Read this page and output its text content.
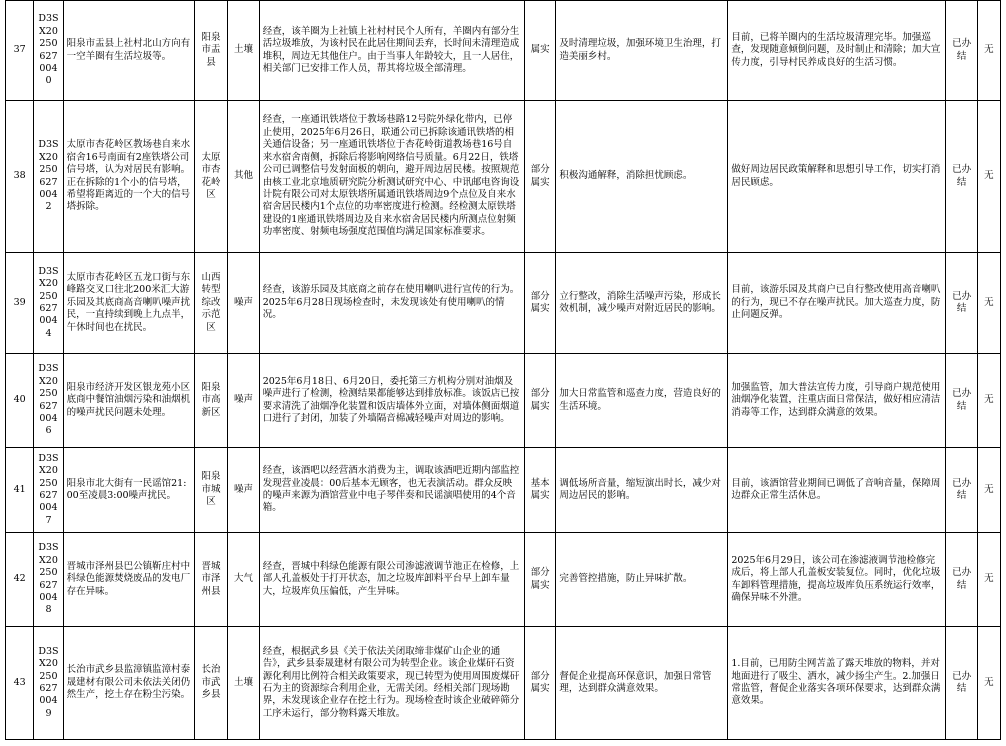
37	D3SX202506270040	阳泉市盂县上社村北山方向有一空羊圈有生活垃圾等。	阳泉市盂县	土壤	经查，该羊圈为上社镇上社村村民个人所有，羊圈内有部分生活垃圾堆放，为该村民在此居住期间丢弃，长时间未清理造成堆积，周边无其他住户。由于当事人年龄较大，且一人居住，相关部门已安排工作人员，帮其将垃圾全部清理。	属实	及时清理垃圾，加强环境卫生治理，打造美丽乡村。	目前，已将羊圈内的生活垃圾清理完毕。加强巡查，发现随意倾倒问题，及时制止和清除；加大宣传力度，引导村民养成良好的生活习惯。	已办结	无
38	D3SX202506270042	太原市杏花岭区教场巷自来水宿舍16号南面有2座铁塔公司信号塔，认为对居民有影响。正在拆除的1个小的信号塔，希望将距离近的一个大的信号塔拆除。	太原市杏花岭区	其他	经查，一座通讯铁塔位于教场巷路12号院外绿化带内，已停止使用，2025年6月26日，联通公司已拆除该通讯铁塔的相关通信设备；另一座通讯铁塔位于杏花岭街道教场巷16号自来水宿舍南侧，拆除后将影响网络信号质量。6月22日，铁塔公司已调整信号发射面板的朝向，避开周边居民楼。按照规范由核工业北京地质研究院分析测试研究中心、中讯邮电咨询设计院有限公司对太原铁塔所属通讯铁塔周边9个点位及自来水宿舍居民楼内1个点位的功率密度进行检测。经检测太原铁塔建设的1座通讯铁塔周边及自来水宿舍居民楼内所测点位射频功率密度、射频电场强度范围值均满足国家标准要求。	部分属实	积极沟通解释，消除担忧顾虑。	做好周边居民政策解释和思想引导工作，切实打消居民顾虑。	已办结	无
39	D3SX202506270044	太原市杏花岭区五龙口街与东峰路交叉口往北200米汇大游乐园及其底商高音喇叭噪声扰民，一直持续到晚上九点半，午休时间也在扰民。	山西转型综改示范区	噪声	经查，该游乐园及其底商之前存在使用喇叭进行宣传的行为。2025年6月28日现场检查时，未发现该处有使用喇叭的情况。	部分属实	立行整改，消除生活噪声污染，形成长效机制，减少噪声对附近居民的影响。	目前，该游乐园及其商户已自行整改使用高音喇叭的行为，现已不存在噪声扰民。加大巡查力度，防止问题反弹。	已办结	无
40	D3SX202506270046	阳泉市经济开发区银龙苑小区底商中餐馆油烟污染和油烟机的噪声扰民问题未处理。	阳泉市高新区	噪声	2025年6月18日、6月20日，委托第三方机构分别对油烟及噪声进行了检测，检测结果都能够达到排放标准。该饭店已按要求清洗了油烟净化装置和饭店墙体外立面，对墙体侧面烟道口进行了封闭，加装了外墙隔音棉减轻噪声对周边的影响。	部分属实	加大日常监管和巡查力度，营造良好的生活环境。	加强监管，加大普法宣传力度，引导商户规范使用油烟净化装置，注重店面日常保洁，做好相应清洁消毒等工作，达到群众满意的效果。	已办结	无
41	D3SX202506270047	阳泉市北大街有一民谣馆21:00至凌晨3:00噪声扰民。	阳泉市城区	噪声	经查，该酒吧以经营酒水消费为主，调取该酒吧近期内部监控发现营业凌晨：00后基本无顾客，也无表演活动。群众反映的噪声来源为酒馆营业中电子琴伴奏和民谣演唱使用的4个音箱。	基本属实	调低场所音量，缩短演出时长，减少对周边居民的影响。	目前，该酒馆营业期间已调低了音响音量，保障周边群众正常生活休息。	已办结	无
42	D3SX202506270048	晋城市泽州县巴公镇靳庄村中科绿色能源焚烧废品的发电厂存在异味。	晋城市泽州县	大气	经查，晋城中科绿色能源有限公司渗滤液调节池正在检修，上部人孔盖板处于打开状态，加之垃圾库卸料平台早上卸车量大，垃圾库负压偏低，产生异味。	部分属实	完善管控措施，防止异味扩散。	2025年6月29日，该公司在渗滤液调节池检修完成后，将上部人孔盖板安装复位。同时，优化垃圾车卸料管理措施，提高垃圾库负压系统运行效率，确保异味不外泄。	已办结	无
43	D3SX202506270049	长治市武乡县监漳镇监漳村泰晟建材有限公司未依法关闭仍然生产，挖土存在粉尘污染。	长治市武乡县	土壤	经查，根据武乡县《关于依法关闭取缔非煤矿山企业的通告》，武乡县泰晟建材有限公司为转型企业。该企业煤矸石资源化利用比例符合相关政策要求，现已转型为使用周围废煤矸石为主的资源综合利用企业，无需关闭。经相关部门现场勘界，未发现该企业存在挖土行为。现场检查时该企业破碎筛分工序未运行，部分物料露天堆放。	部分属实	督促企业提高环保意识，加强日常管理，达到群众满意效果。	1.目前，已用防尘网苫盖了露天堆放的物料，并对地面进行了吸尘、洒水，减少扬尘产生。2.加强日常监管，督促企业落实各项环保要求，达到群众满意效果。	已办结	无
